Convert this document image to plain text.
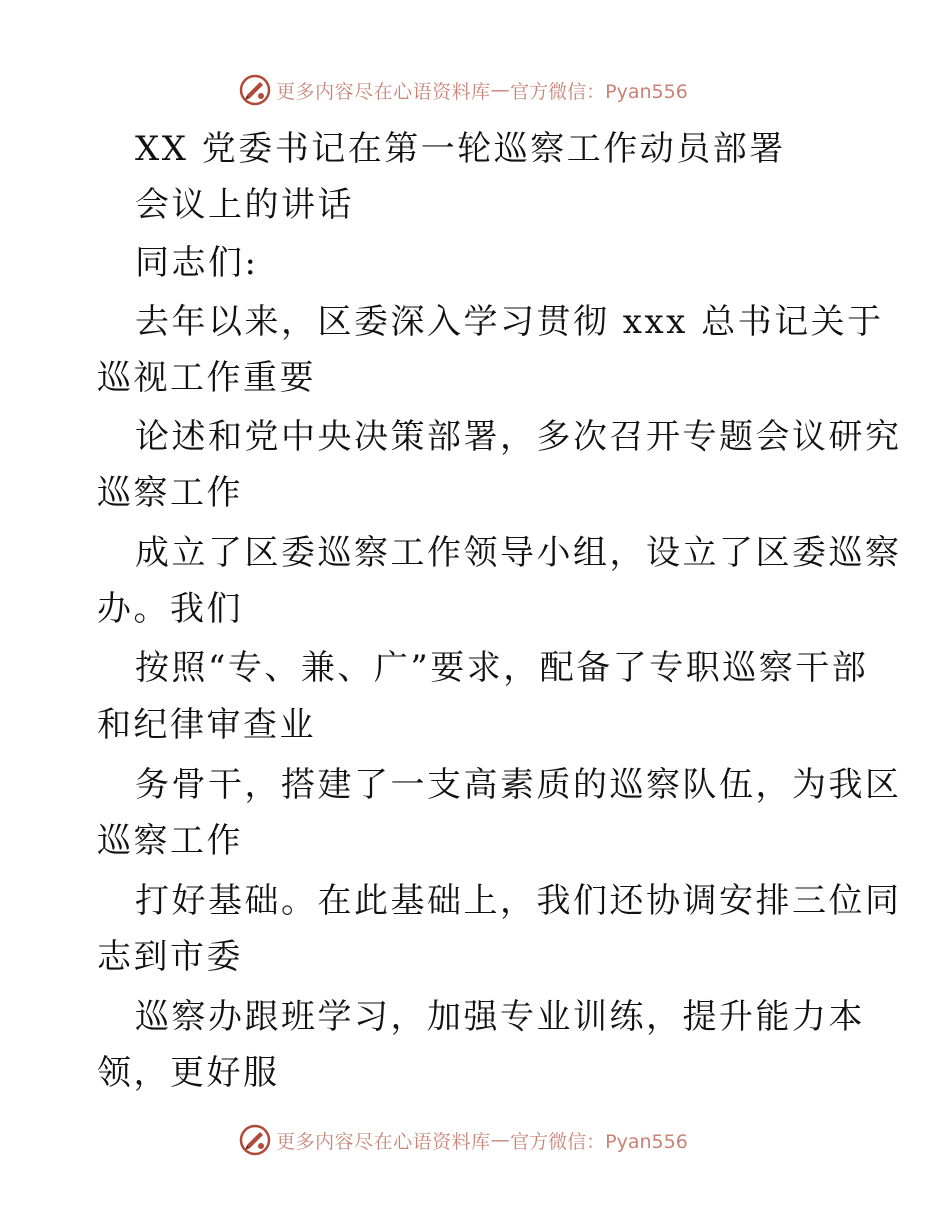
更多内容尽在心语资料库 — 官方微信：Pyan556
XX 党委书记在第一轮巡察工作动员部署
会议上的讲话
同志们:
去年以来，区委深入学习贯彻 xxx 总书记关于
巡视工作重要
论述和党中央决策部署，多次召开专题会议研究
巡察工作
成立了区委巡察工作领导小组，设立了区委巡察
办。我们
按照“专、兼、广”要求，配备了专职巡察干部
和纪律审查业
务骨干，搭建了一支高素质的巡察队伍，为我区
巡察工作
打好基础。在此基础上，我们还协调安排三位同
志到市委
巡察办跟班学习，加强专业训练，提升能力本
领，更好服
更多内容尽在心语资料库 — 官方微信：Pyan556
